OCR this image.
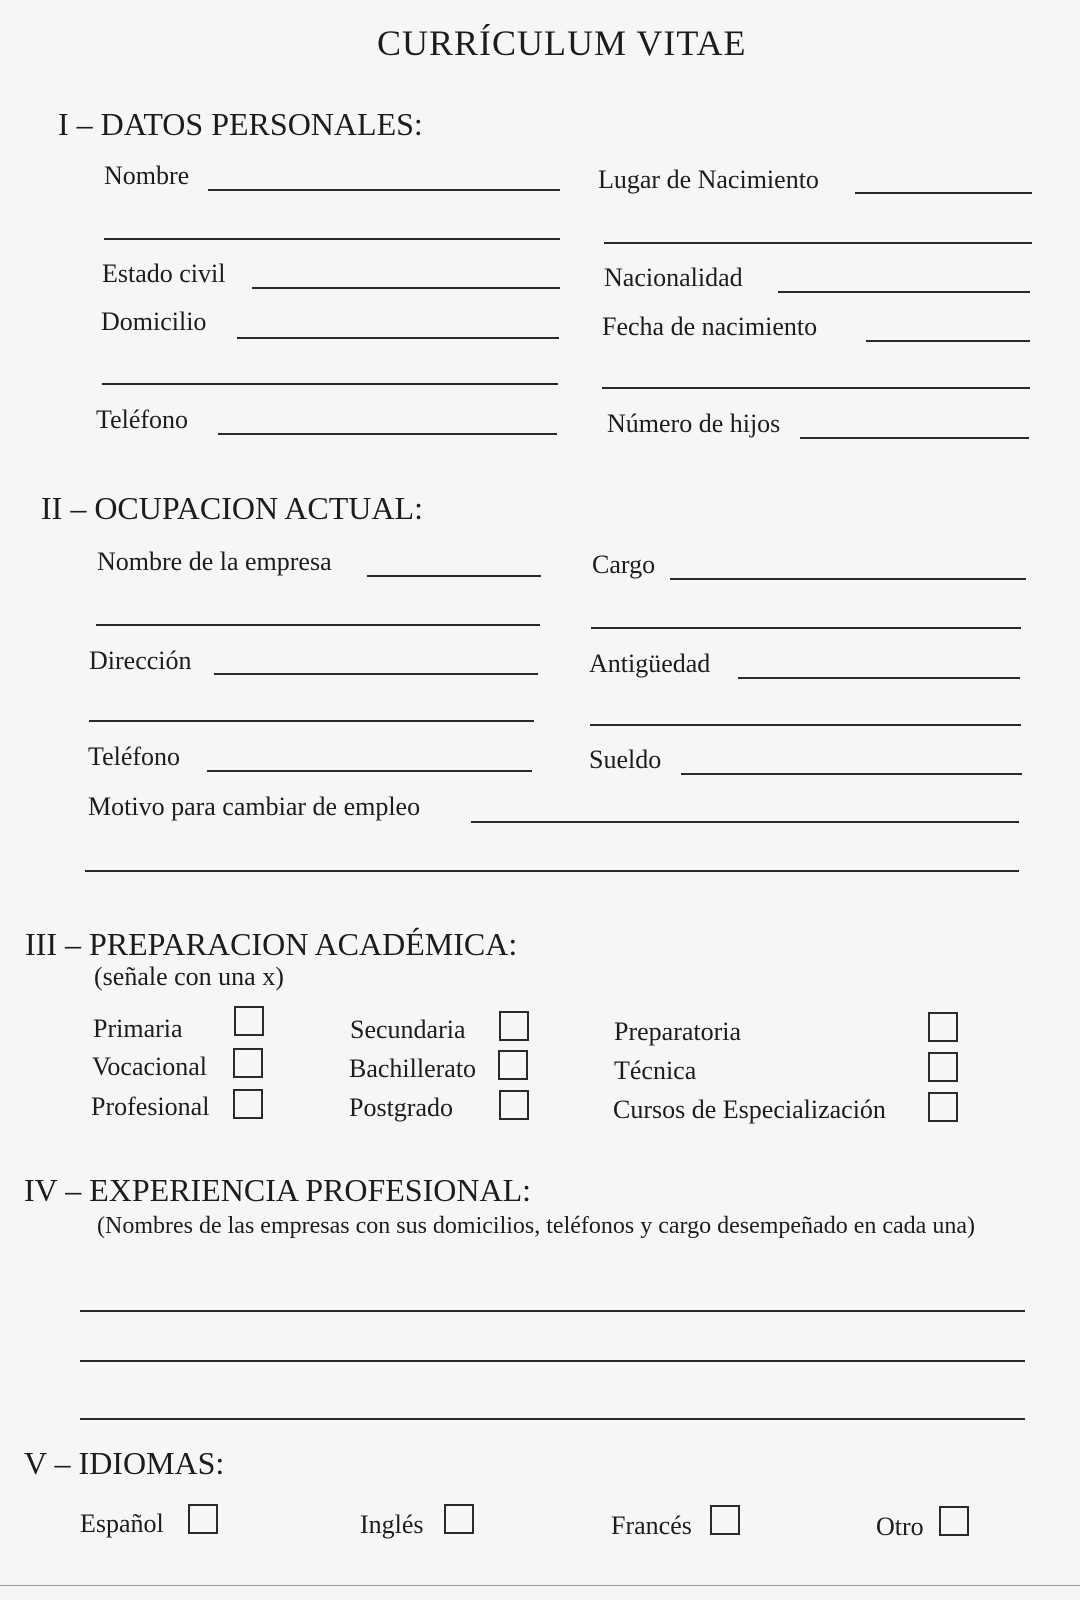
CURRÍCULUM VITAE
I – DATOS PERSONALES:
Nombre	Lugar de Nacimiento
Estado civil	Nacionalidad
Domicilio	Fecha de nacimiento
Teléfono	Número de hijos
II – OCUPACION ACTUAL:
Nombre de la empresa	Cargo
Dirección	Antigüedad
Teléfono	Sueldo
Motivo para cambiar de empleo
III – PREPARACION ACADÉMICA:
(señale con una x)
Primaria	Secundaria	Preparatoria
Vocacional	Bachillerato	Técnica
Profesional	Postgrado	Cursos de Especialización
IV – EXPERIENCIA PROFESIONAL:
(Nombres de las empresas con sus domicilios, teléfonos y cargo desempeñado en cada una)
V – IDIOMAS:
Español	Inglés	Francés	Otro
